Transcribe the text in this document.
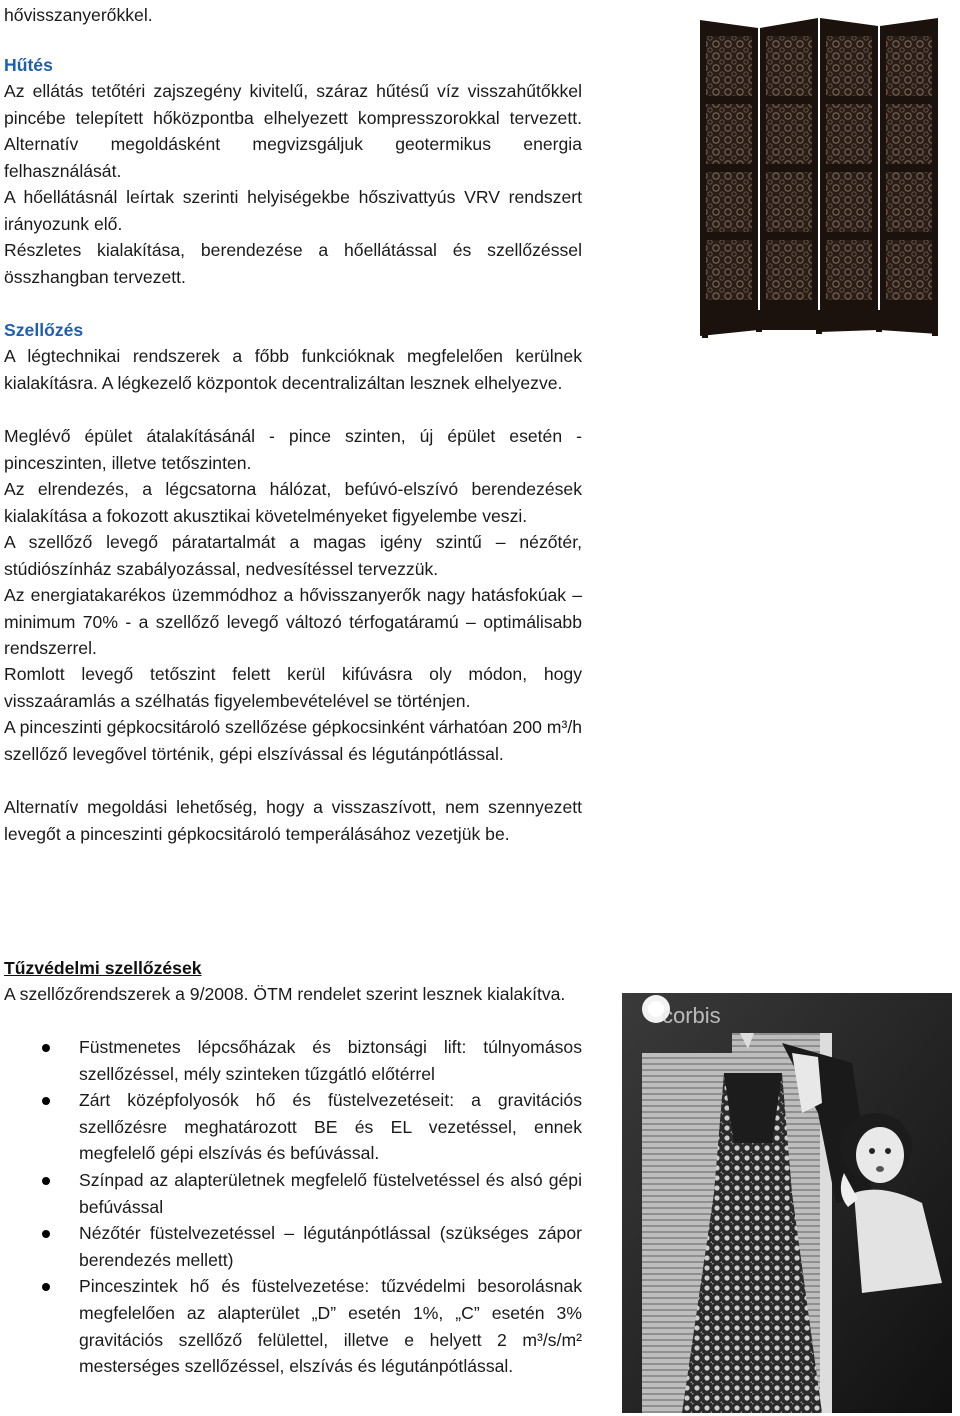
hővisszanyerőkkel.

Hűtés

Az ellátás tetőtéri zajszegény kivitelű, száraz hűtésű víz visszahűtőkkel pincébe telepített hőközpontba elhelyezett kompresszorokkal tervezett. Alternatív megoldásként megvizsgáljuk geotermikus energia felhasználását.

A hőellátásnál leírtak szerinti helyiségekbe hőszivattyús VRV rendszert irányozunk elő.

Részletes kialakítása, berendezése a hőellátással és szellőzéssel összhangban tervezett.

Szellőzés

A légtechnikai rendszerek a főbb funkcióknak megfelelően kerülnek kialakításra. A légkezelő központok decentralizáltan lesznek elhelyezve.

Meglévő épület átalakításánál - pince szinten, új épület esetén - pinceszinten, illetve tetőszinten.

Az elrendezés, a légcsatorna hálózat, befúvó-elszívó berendezések kialakítása a fokozott akusztikai követelményeket figyelembe veszi.

A szellőző levegő páratartalmát a magas igény szintű – nézőtér, stúdiószínház szabályozással, nedvesítéssel tervezzük.

Az energiatakarékos üzemmódhoz a hővisszanyerők nagy hatásfokúak – minimum 70% - a szellőző levegő változó térfogatáramú – optimálisabb rendszerrel.

Romlott levegő tetőszint felett kerül kifúvásra oly módon, hogy visszaáramlás a szélhatás figyelembevételével se történjen.

A pinceszinti gépkocsitároló szellőzése gépkocsinként várhatóan 200 m³/h szellőző levegővel történik, gépi elszívással és légutánpótlással.

Alternatív megoldási lehetőség, hogy a visszaszívott, nem szennyezett levegőt a pinceszinti gépkocsitároló temperálásához vezetjük be.

Tűzvédelmi szellőzések

A szellőzőrendszerek a 9/2008. ÖTM rendelet szerint lesznek kialakítva.

Füstmenetes lépcsőházak és biztonsági lift: túlnyomásos szellőzéssel, mély szinteken tűzgátló előtérrel
Zárt középfolyosók hő és füstelvezetéseit: a gravitációs szellőzésre meghatározott BE és EL vezetéssel, ennek megfelelő gépi elszívás és befúvással.
Színpad az alapterületnek megfelelő füstelvetéssel és alsó gépi befúvással
Nézőtér füstelvezetéssel – légutánpótlással (szükséges zápor berendezés mellett)
Pinceszintek hő és füstelvezetése: tűzvédelmi besorolásnak megfelelően az alapterület „D” esetén 1%, „C” esetén 3% gravitációs szellőző felülettel, illetve e helyett 2 m³/s/m² mesterséges szellőzéssel, elszívás és légutánpótlással.
corbis
